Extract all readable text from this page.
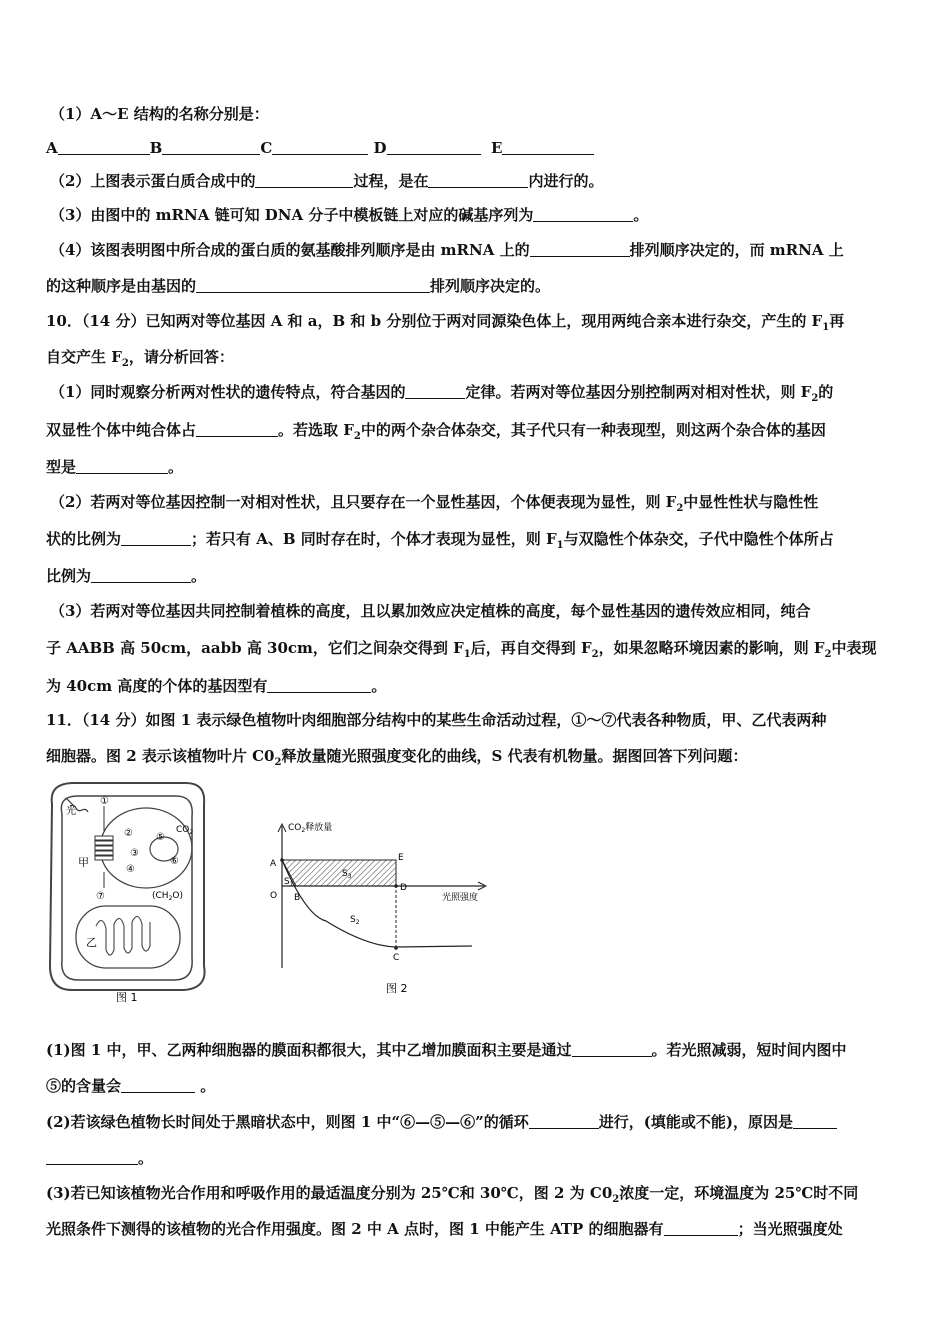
（1）A～E 结构的名称分别是：
A	B	C	D	E
（2）上图表示蛋白质合成中的	过程，是在	内进行的。
（3）由图中的 mRNA 链可知 DNA 分子中模板链上对应的碱基序列为	。
（4）该图表明图中所合成的蛋白质的氨基酸排列顺序是由 mRNA 上的	排列顺序决定的，而 mRNA 上
的这种顺序是由基因的	排列顺序决定的。
10．（14 分）已知两对等位基因 A 和 a，B 和 b 分别位于两对同源染色体上，现用两纯合亲本进行杂交，产生的 $F_1$再
自交产生 $F_2$，请分析回答：
（1）同时观察分析两对性状的遗传特点，符合基因的	定律。若两对等位基因分别控制两对相对性状，则 $F_2$的
双显性个体中纯合体占	。若选取 $F_2$中的两个杂合体杂交，其子代只有一种表现型，则这两个杂合体的基因
型是	。
（2）若两对等位基因控制一对相对性状，且只要存在一个显性基因，个体便表现为显性，则 $F_2$中显性性状与隐性性
状的比例为	；若只有 A、B 同时存在时，个体才表现为显性，则 $F_1$与双隐性个体杂交，子代中隐性个体所占
比例为	。
（3）若两对等位基因共同控制着植株的高度，且以累加效应决定植株的高度，每个显性基因的遗传效应相同，纯合
子 AABB 高 50cm，aabb 高 30cm，它们之间杂交得到 $F_1$后，再自交得到 $F_2$，如果忽略环境因素的影响，则 $F_2$中表现
为 40cm 高度的个体的基因型有	。
11．（14 分）如图 1 表示绿色植物叶肉细胞部分结构中的某些生命活动过程，①～⑦代表各种物质，甲、乙代表两种
细胞器。图 2 表示该植物叶片 $C0_2$释放量随光照强度变化的曲线，S 代表有机物量。据图回答下列问题：
光
①
②
③
④
⑤
⑥
⑦
甲
$CO_2$
$(CH_2O)$
乙
图 1
$CO_2$释放量
光照强度
A
O B
C
D
E
$S_1$
$S_2$
$S_3$
图 2
(1)图 1 中，甲、乙两种细胞器的膜面积都很大，其中乙增加膜面积主要是通过	。若光照减弱，短时间内图中
⑤的含量会	。
(2)若该绿色植物长时间处于黑暗状态中，则图 1 中“⑥—⑤—⑥”的循环	进行，(填能或不能)，原因是
。
(3)若已知该植物光合作用和呼吸作用的最适温度分别为 25℃和 30℃，图 2 为 $C0_2$浓度一定，环境温度为 25℃时不同
光照条件下测得的该植物的光合作用强度。图 2 中 A 点时，图 1 中能产生 ATP 的细胞器有	；当光照强度处
